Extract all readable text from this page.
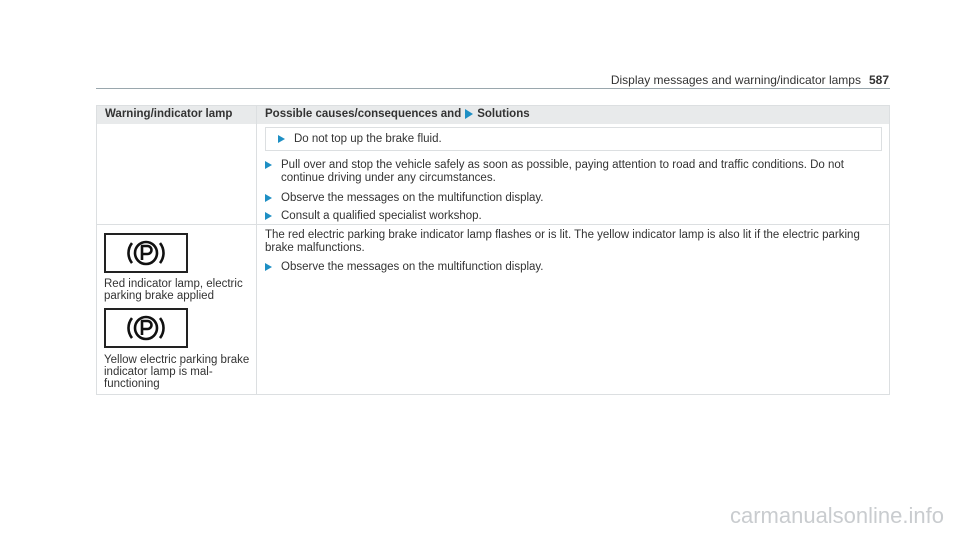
Display messages and warning/indicator lamps 587
Warning/indicator lamp	Possible causes/consequences and Solutions
Do not top up the brake fluid.
Pull over and stop the vehicle safely as soon as possible, paying attention to road and traffic conditions. Do not continue driving under any circumstances.
Observe the messages on the multifunction display.
Consult a qualified specialist workshop.
Red indicator lamp, electric parking brake applied
Yellow electric parking brake indicator lamp is mal-functioning
The red electric parking brake indicator lamp flashes or is lit. The yellow indicator lamp is also lit if the electric parking brake malfunctions.
Observe the messages on the multifunction display.
carmanualsonline.info
